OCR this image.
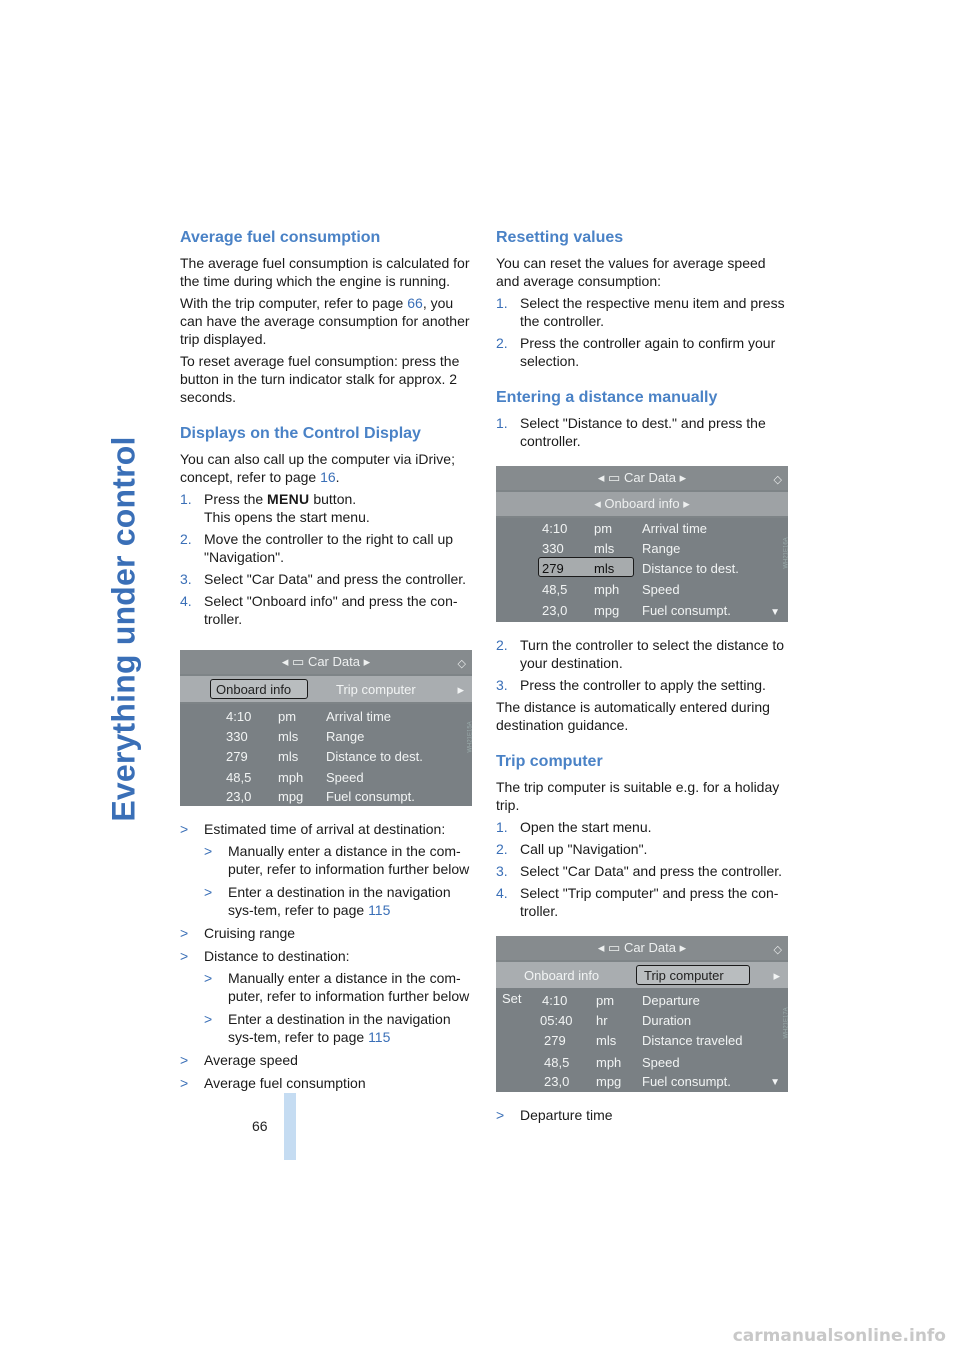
Everything under control
Average fuel consumption

The average fuel consumption is calculated for the time during which the engine is running.

With the trip computer, refer to page 66, you can have the average consumption for another trip displayed.

To reset average fuel consumption: press the button in the turn indicator stalk for approx. 2 seconds.

Displays on the Control Display

You can also call up the computer via iDrive; concept, refer to page 16.

1. Press the MENU button.
This opens the start menu.
2. Move the controller to the right to call up "Navigation".
3. Select "Car Data" and press the controller.
4. Select "Onboard info" and press the con-troller.
◂ ▭ Car Data ▸	◇
Onboard info	Trip computer	▸
4:10 pm Arrival time
330 mls Range
279 mls Distance to dest.
48,5 mph Speed
23,0 mpg Fuel consumpt.
WH21E15A
> Estimated time of arrival at destination:
> Manually enter a distance in the com-puter, refer to information further below
> Enter a destination in the navigation sys-tem, refer to page 115
> Cruising range
> Distance to destination:
> Manually enter a distance in the com-puter, refer to information further below
> Enter a destination in the navigation sys-tem, refer to page 115
> Average speed
> Average fuel consumption
Resetting values

You can reset the values for average speed and average consumption:

1. Select the respective menu item and press the controller.
2. Press the controller again to confirm your selection.
Entering a distance manually
1. Select "Distance to dest." and press the controller.
◂ ▭ Car Data ▸	◇
◂ Onboard info ▸
4:10 pm Arrival time
330 mls Range
279 mls Distance to dest.
48,5 mph Speed
23,0 mpg Fuel consumpt.	▼
WH21E16A
2. Turn the controller to select the distance to your destination.
3. Press the controller to apply the setting.

The distance is automatically entered during destination guidance.

Trip computer

The trip computer is suitable e.g. for a holiday trip.

1. Open the start menu.
2. Call up "Navigation".
3. Select "Car Data" and press the controller.
4. Select "Trip computer" and press the con-troller.
◂ ▭ Car Data ▸	◇
Onboard info	Trip computer	▸
Set 4:10 pm Departure
05:40 hr	Duration
279 mls Distance traveled
48,5 mph Speed
23,0 mpg Fuel consumpt.	▼
WH21E17A
> Departure time
66
carmanualsonline.info
